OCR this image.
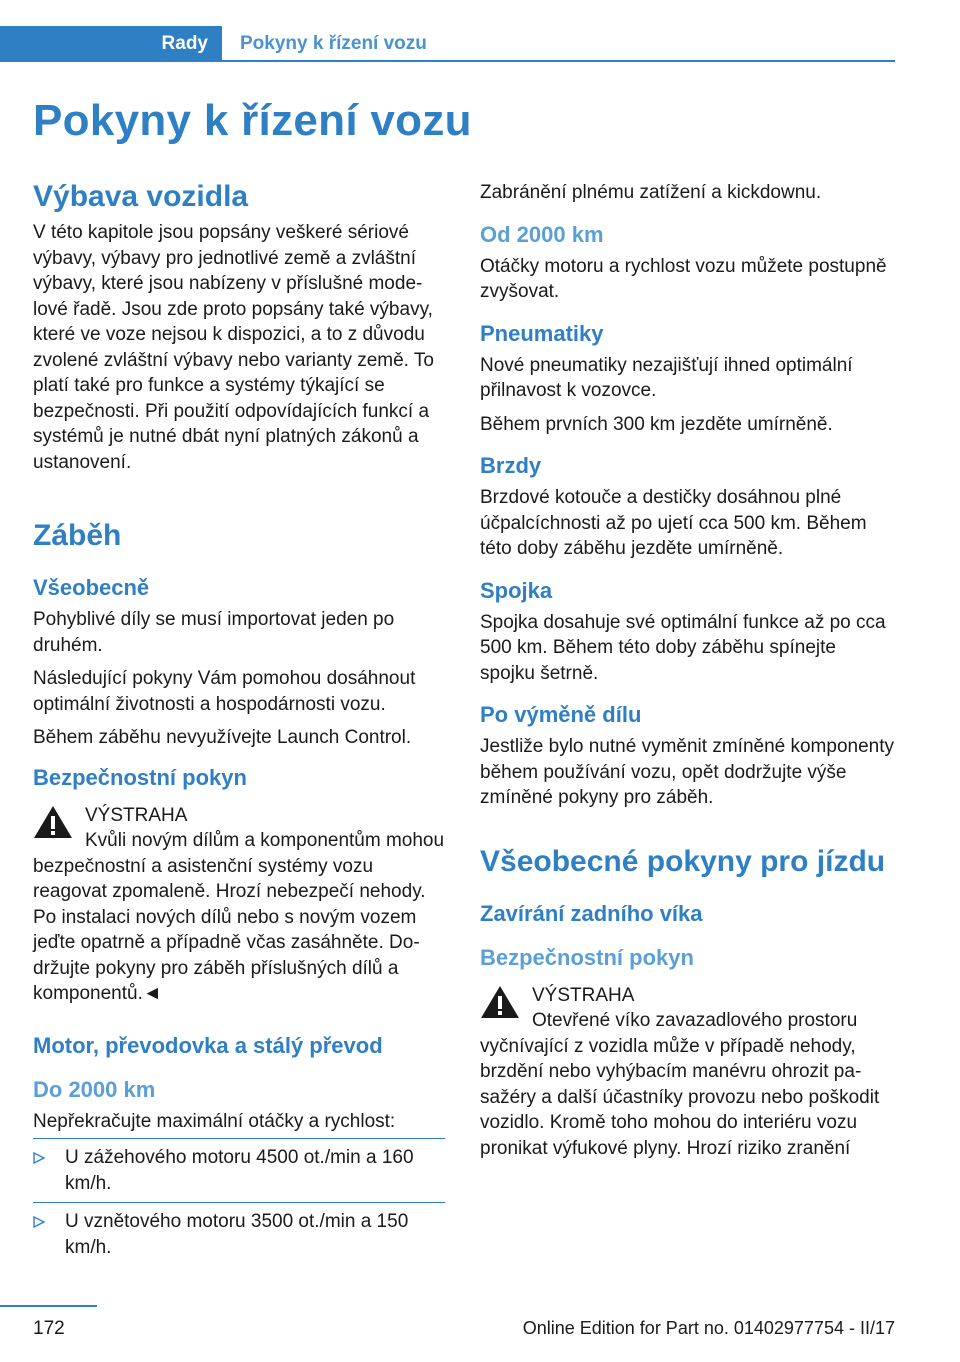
Rady	Pokyny k řízení vozu
Pokyny k řízení vozu
Výbava vozidla

V této kapitole jsou popsány veškeré sériové výbavy, výbavy pro jednotlivé země a zvláštní výbavy, které jsou nabízeny v příslušné modelové řadě. Jsou zde proto popsány také výbavy, které ve voze nejsou k dispozici, a to z důvodu zvolené zvláštní výbavy nebo varianty země. To platí také pro funkce a systémy týkající se bezpečnosti. Při použití odpovídajících funkcí a systémů je nutné dbát nyní platných zákonů a ustanovení.

Záběh
Všeobecně

Pohyblivé díly se musí importovat jeden po druhém.

Následující pokyny Vám pomohou dosáhnout optimální životnosti a hospodárnosti vozu.

Během záběhu nevyužívejte Launch Control.

Bezpečnostní pokyn
VÝSTRAHA
Kvůli novým dílům a komponentům mohou bezpečnostní a asistenční systémy vozu reagovat zpomaleně. Hrozí nebezpečí nehody. Po instalaci nových dílů nebo s novým vozem jeďte opatrně a případně včas zasáhněte. Dodržujte pokyny pro záběh příslušných dílů a komponentů.◄
Motor, převodovka a stálý převod
Do 2000 km

Nepřekračujte maximální otáčky a rychlost:

U zážehového motoru 4500 ot./min a 160 km/h.
U vznětového motoru 3500 ot./min a 150 km/h.

Zabránění plnému zatížení a kickdownu.

Od 2000 km

Otáčky motoru a rychlost vozu můžete postupně zvyšovat.

Pneumatiky

Nové pneumatiky nezajišťují ihned optimální přilnavost k vozovce.

Během prvních 300 km jezděte umírněně.

Brzdy

Brzdové kotouče a destičky dosáhnou plné účpalcíchnosti až po ujetí cca 500 km. Během této doby záběhu jezděte umírněně.

Spojka

Spojka dosahuje své optimální funkce až po cca 500 km. Během této doby záběhu spínejte spojku šetrně.

Po výměně dílu

Jestliže bylo nutné vyměnit zmíněné komponenty během používání vozu, opět dodržujte výše zmíněné pokyny pro záběh.

Všeobecné pokyny pro jízdu
Zavírání zadního víka
Bezpečnostní pokyn
VÝSTRAHA
Otevřené víko zavazadlového prostoru vyčnívající z vozidla může v případě nehody, brzdění nebo vyhýbacím manévru ohrozit pasažéry a další účastníky provozu nebo poškodit vozidlo. Kromě toho mohou do interiéru vozu pronikat výfukové plyny. Hrozí riziko zranění
172	Online Edition for Part no. 01402977754 - II/17
